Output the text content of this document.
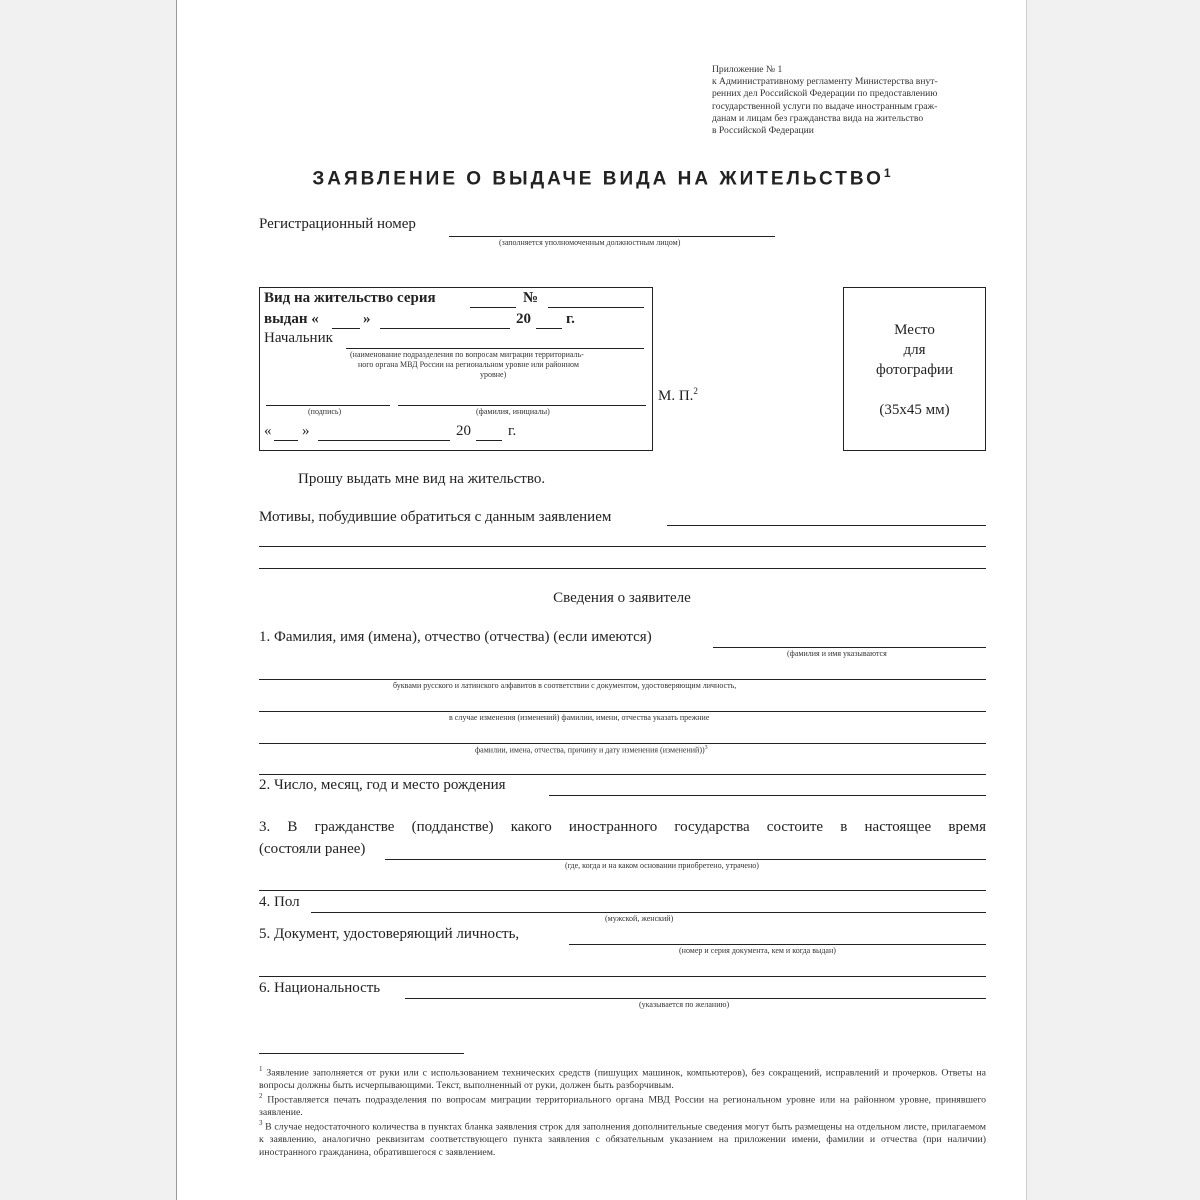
Приложение № 1
к Административному регламенту Министерства внут-
ренних дел Российской Федерации по предоставлению
государственной услуги по выдаче иностранным граж-
данам и лицам без гражданства вида на жительство
в Российской Федерации
ЗАЯВЛЕНИЕ О ВЫДАЧЕ ВИДА НА ЖИТЕЛЬСТВО$^1$
Регистрационный номер
(заполняется уполномоченным должностным лицом)
Вид на жительство серия	№
выдан «	»	20 г.
Начальник
(наименование подразделения по вопросам миграции территориаль-
ного органа МВД России на региональном уровне или районном
уровне)
(подпись)	(фамилия, инициалы)
« »	20 г.
М. П.$^2$
Место
для
фотографии
(35х45 мм)
Прошу выдать мне вид на жительство.
Мотивы, побудившие обратиться с данным заявлением
Сведения о заявителе
1. Фамилия, имя (имена), отчество (отчества) (если имеются)
(фамилия и имя указываются
буквами русского и латинского алфавитов в соответствии с документом, удостоверяющим личность,
в случае изменения (изменений) фамилии, имени, отчества указать прежние
фамилии, имена, отчества, причину и дату изменения (изменений))$^3$
2. Число, месяц, год и место рождения
3. В гражданстве (подданстве) какого иностранного государства состоите в настоящее время
(состояли ранее)
(где, когда и на каком основании приобретено, утрачено)
4. Пол
(мужской, женский)
5. Документ, удостоверяющий личность,
(номер и серия документа, кем и когда выдан)
6. Национальность
(указывается по желанию)
$^1$ Заявление заполняется от руки или с использованием технических средств (пишущих машинок, компьютеров), без сокращений, исправлений и прочерков. Ответы на вопросы должны быть исчерпывающими. Текст, выполненный от руки, должен быть разборчивым.
$^2$ Проставляется печать подразделения по вопросам миграции территориального органа МВД России на региональном уровне или на районном уровне, принявшего заявление.
$^3$ В случае недостаточного количества в пунктах бланка заявления строк для заполнения дополнительные сведения могут быть размещены на отдельном листе, прилагаемом к заявлению, аналогично реквизитам соответствующего пункта заявления с обязательным указанием на приложении имени, фамилии и отчества (при наличии) иностранного гражданина, обратившегося с заявлением.
